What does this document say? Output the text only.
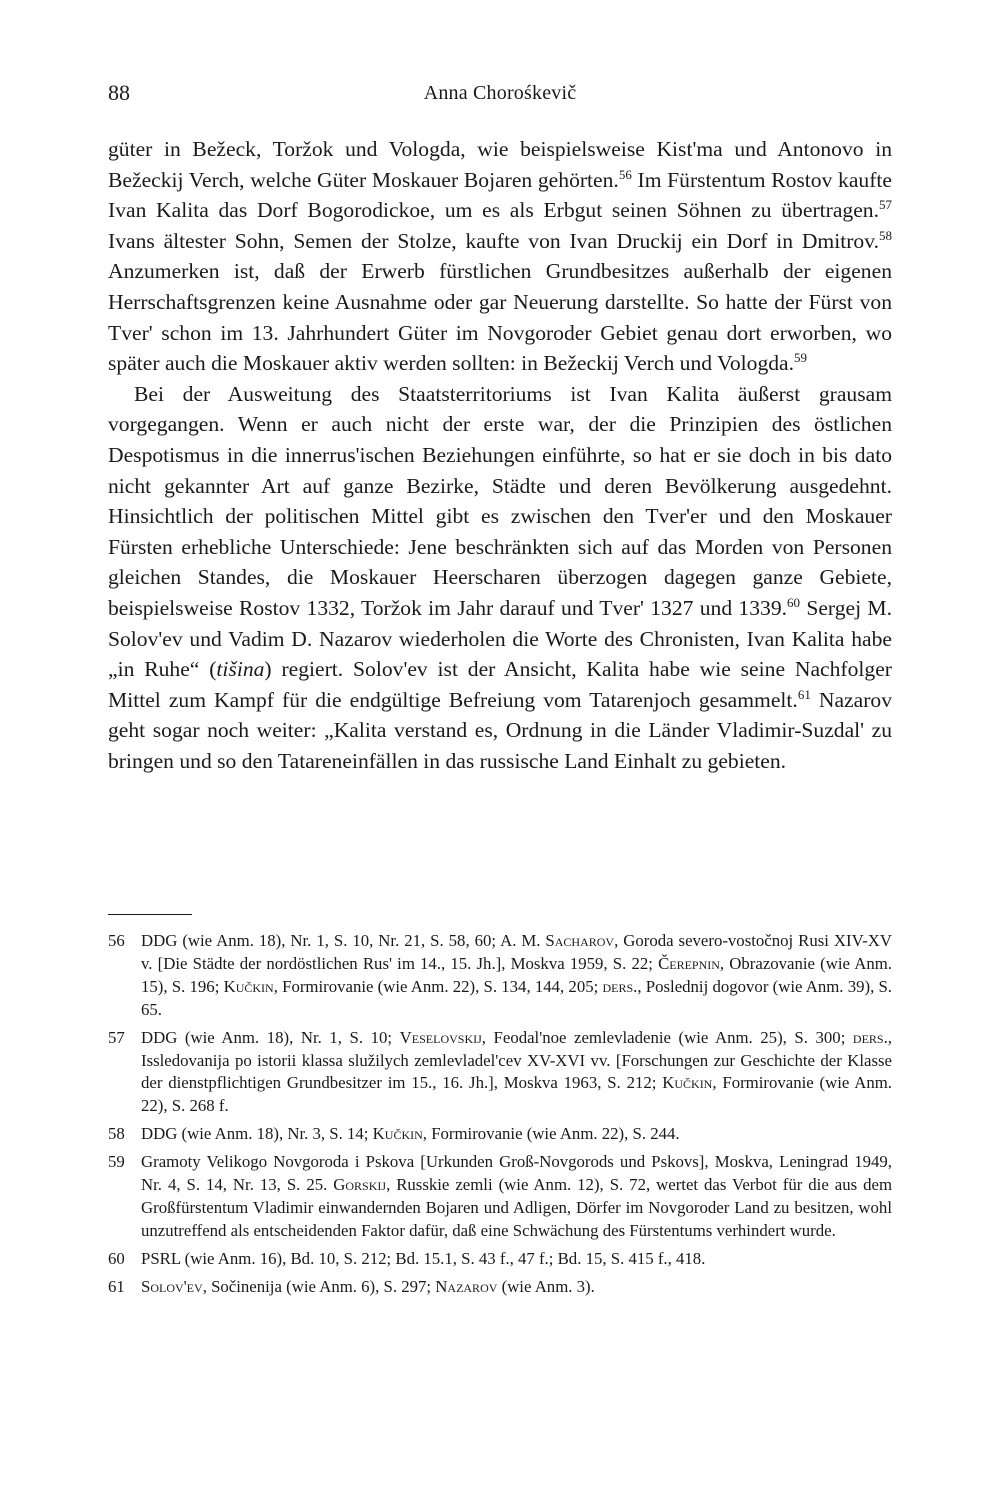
88	Anna Chorośkevič

güter in Bežeck, Toržok und Vologda, wie beispielsweise Kist'ma und Antonovo in Bežeckij Verch, welche Güter Moskauer Bojaren gehörten.$^{56}$ Im Fürstentum Rostov kaufte Ivan Kalita das Dorf Bogorodickoe, um es als Erbgut seinen Söhnen zu übertragen.$^{57}$ Ivans ältester Sohn, Semen der Stolze, kaufte von Ivan Druckij ein Dorf in Dmitrov.$^{58}$ Anzumerken ist, daß der Erwerb fürstlichen Grundbesitzes außerhalb der eigenen Herrschaftsgrenzen keine Ausnahme oder gar Neuerung darstellte. So hatte der Fürst von Tver' schon im 13. Jahrhundert Güter im Novgoroder Gebiet genau dort erworben, wo später auch die Moskauer aktiv werden sollten: in Bežeckij Verch und Vologda.$^{59}$

Bei der Ausweitung des Staatsterritoriums ist Ivan Kalita äußerst grausam vorgegangen. Wenn er auch nicht der erste war, der die Prinzipien des östlichen Despotismus in die innerrus'ischen Beziehungen einführte, so hat er sie doch in bis dato nicht gekannter Art auf ganze Bezirke, Städte und deren Bevölkerung ausgedehnt. Hinsichtlich der politischen Mittel gibt es zwischen den Tver'er und den Moskauer Fürsten erhebliche Unterschiede: Jene beschränkten sich auf das Morden von Personen gleichen Standes, die Moskauer Heerscharen überzogen dagegen ganze Gebiete, beispielsweise Rostov 1332, Toržok im Jahr darauf und Tver' 1327 und 1339.60 Sergej M. Solov'ev und Vadim D. Nazarov wiederholen die Worte des Chronisten, Ivan Kalita habe „in Ruhe“ (tišina) regiert. Solov'ev ist der Ansicht, Kalita habe wie seine Nachfolger Mittel zum Kampf für die endgültige Befreiung vom Tatarenjoch gesammelt.$^{61}$ Nazarov geht sogar noch weiter: „Kalita verstand es, Ordnung in die Länder Vladimir-Suzdal' zu bringen und so den Tatareneinfällen in das russische Land Einhalt zu gebieten.

56 DDG (wie Anm. 18), Nr. 1, S. 10, Nr. 21, S. 58, 60; A. M. Sacharov, Goroda severo-vostočnoj Rusi XIV-XV v. [Die Städte der nordöstlichen Rus' im 14., 15. Jh.], Moskva 1959, S. 22; Čerepnin, Obrazovanie (wie Anm. 15), S. 196; Kučkin, Formirovanie (wie Anm. 22), S. 134, 144, 205; ders., Poslednij dogovor (wie Anm. 39), S. 65.
57 DDG (wie Anm. 18), Nr. 1, S. 10; Veselovskij, Feodal'noe zemlevladenie (wie Anm. 25), S. 300; ders., Issledovanija po istorii klassa služilych zemlevladel'cev XV-XVI vv. [Forschungen zur Geschichte der Klasse der dienstpflichtigen Grundbesitzer im 15., 16. Jh.], Moskva 1963, S. 212; Kučkin, Formirovanie (wie Anm. 22), S. 268 f.
58 DDG (wie Anm. 18), Nr. 3, S. 14; Kučkin, Formirovanie (wie Anm. 22), S. 244.
59 Gramoty Velikogo Novgoroda i Pskova [Urkunden Groß-Novgorods und Pskovs], Moskva, Leningrad 1949, Nr. 4, S. 14, Nr. 13, S. 25. Gorskij, Russkie zemli (wie Anm. 12), S. 72, wertet das Verbot für die aus dem Großfürstentum Vladimir einwandernden Bojaren und Adligen, Dörfer im Novgoroder Land zu besitzen, wohl unzutreffend als entscheidenden Faktor dafür, daß eine Schwächung des Fürstentums verhindert wurde.
60 PSRL (wie Anm. 16), Bd. 10, S. 212; Bd. 15.1, S. 43 f., 47 f.; Bd. 15, S. 415 f., 418.
61 Solov'ev, Sočinenija (wie Anm. 6), S. 297; Nazarov (wie Anm. 3).
